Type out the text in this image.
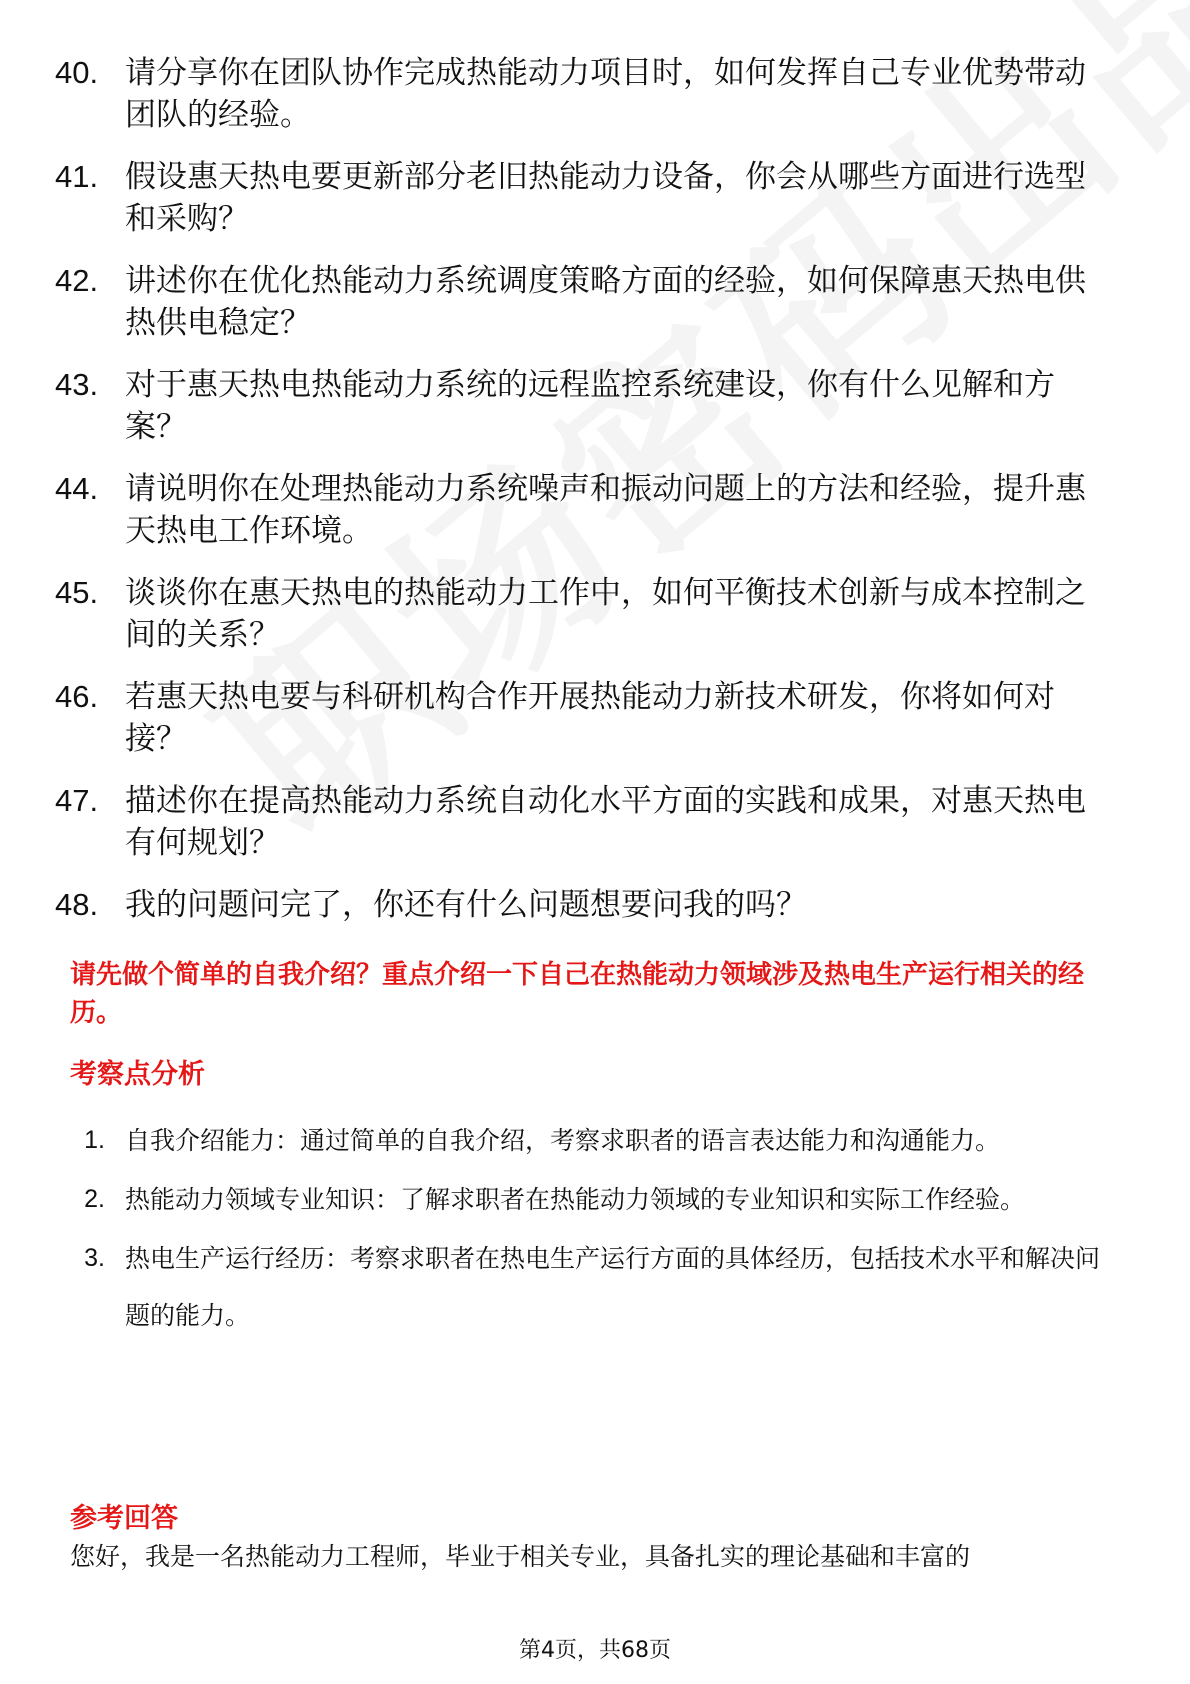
40. 请分享你在团队协作完成热能动力项目时，如何发挥自己专业优势带动团队的经验。
41. 假设惠天热电要更新部分老旧热能动力设备，你会从哪些方面进行选型和采购？
42. 讲述你在优化热能动力系统调度策略方面的经验，如何保障惠天热电供热供电稳定？
43. 对于惠天热电热能动力系统的远程监控系统建设，你有什么见解和方案？
44. 请说明你在处理热能动力系统噪声和振动问题上的方法和经验，提升惠天热电工作环境。
45. 谈谈你在惠天热电的热能动力工作中，如何平衡技术创新与成本控制之间的关系？
46. 若惠天热电要与科研机构合作开展热能动力新技术研发，你将如何对接？
47. 描述你在提高热能动力系统自动化水平方面的实践和成果，对惠天热电有何规划？
48. 我的问题问完了，你还有什么问题想要问我的吗？
请先做个简单的自我介绍？重点介绍一下自己在热能动力领域涉及热电生产运行相关的经历。
考察点分析
1. 自我介绍能力：通过简单的自我介绍，考察求职者的语言表达能力和沟通能力。
2. 热能动力领域专业知识：了解求职者在热能动力领域的专业知识和实际工作经验。
3. 热电生产运行经历：考察求职者在热电生产运行方面的具体经历，包括技术水平和解决问题的能力。
参考回答
您好，我是一名热能动力工程师，毕业于相关专业，具备扎实的理论基础和丰富的
第4页，共68页
